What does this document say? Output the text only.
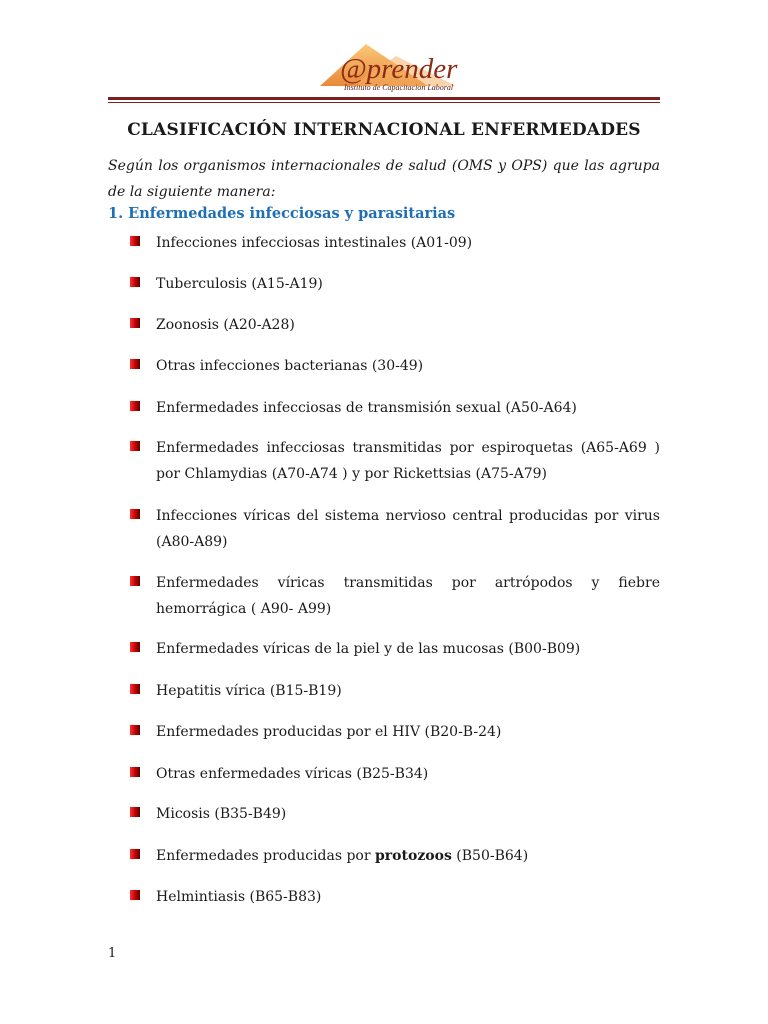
@prender
Instituto de Capacitacion Laboral
CLASIFICACIÓN INTERNACIONAL ENFERMEDADES

Según los organismos internacionales de salud (OMS y OPS) que las agrupa de la siguiente manera:

1. Enfermedades infecciosas y parasitarias
Infecciones infecciosas intestinales (A01-09)
Tuberculosis (A15-A19)
Zoonosis (A20-A28)
Otras infecciones bacterianas (30-49)
Enfermedades infecciosas de transmisión sexual (A50-A64)
Enfermedades infecciosas transmitidas por espiroquetas (A65-A69 ) por Chlamydias (A70-A74 ) y por Rickettsias (A75-A79)
Infecciones víricas del sistema nervioso central producidas por virus (A80-A89)
Enfermedades víricas transmitidas por artrópodos y fiebre hemorrágica ( A90- A99)
Enfermedades víricas de la piel y de las mucosas (B00-B09)
Hepatitis vírica (B15-B19)
Enfermedades producidas por el HIV (B20-B-24)
Otras enfermedades víricas (B25-B34)
Micosis (B35-B49)
Enfermedades producidas por protozoos (B50-B64)
Helmintiasis (B65-B83)
1
